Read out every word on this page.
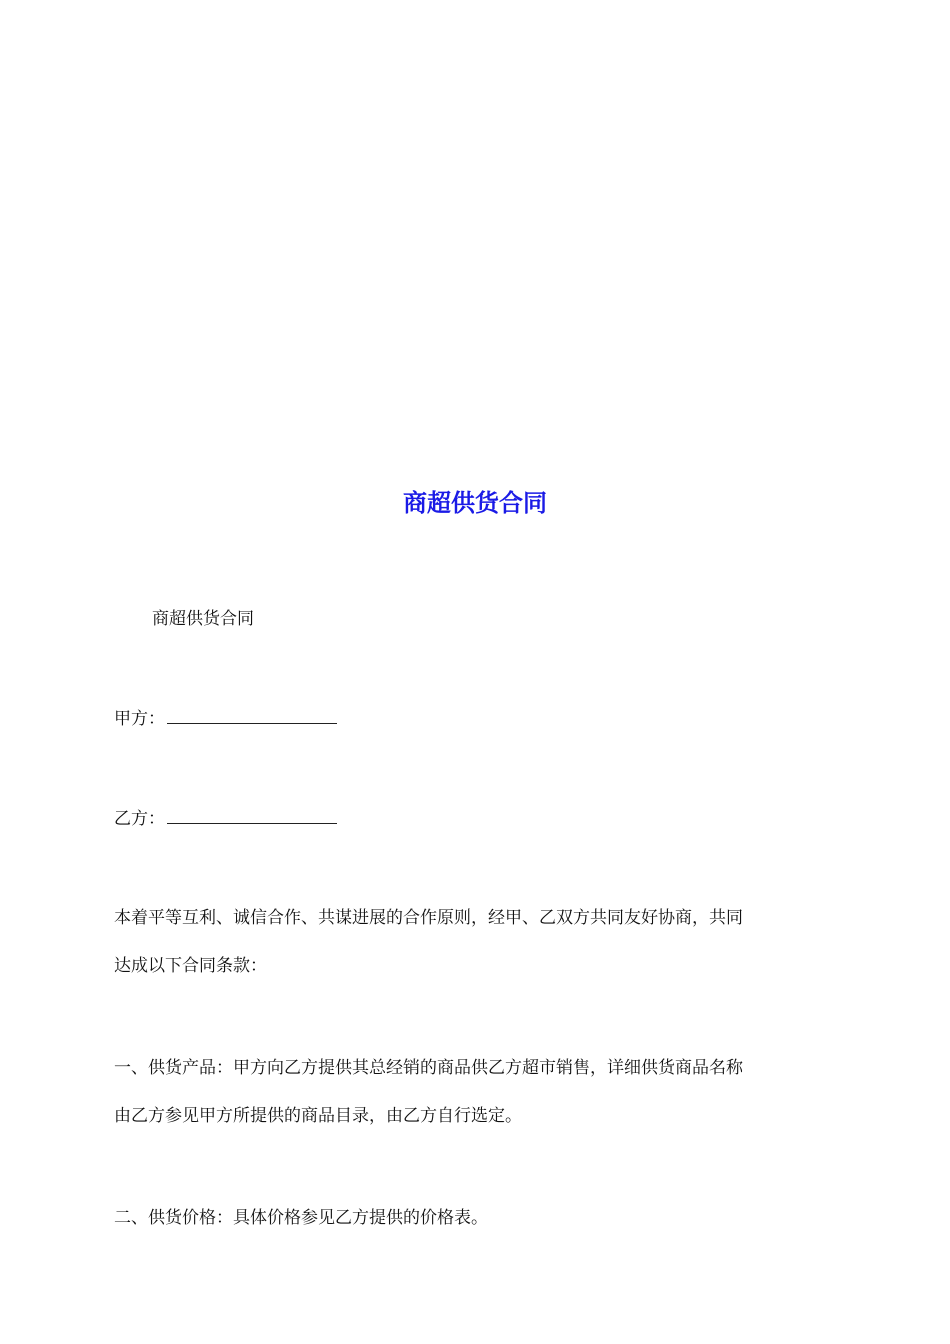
商超供货合同
商超供货合同
甲方：
乙方：
本着平等互利、诚信合作、共谋进展的合作原则，经甲、乙双方共同友好协商，共同
达成以下合同条款：
一、供货产品：甲方向乙方提供其总经销的商品供乙方超市销售，详细供货商品名称
由乙方参见甲方所提供的商品目录，由乙方自行选定。
二、供货价格：具体价格参见乙方提供的价格表。
